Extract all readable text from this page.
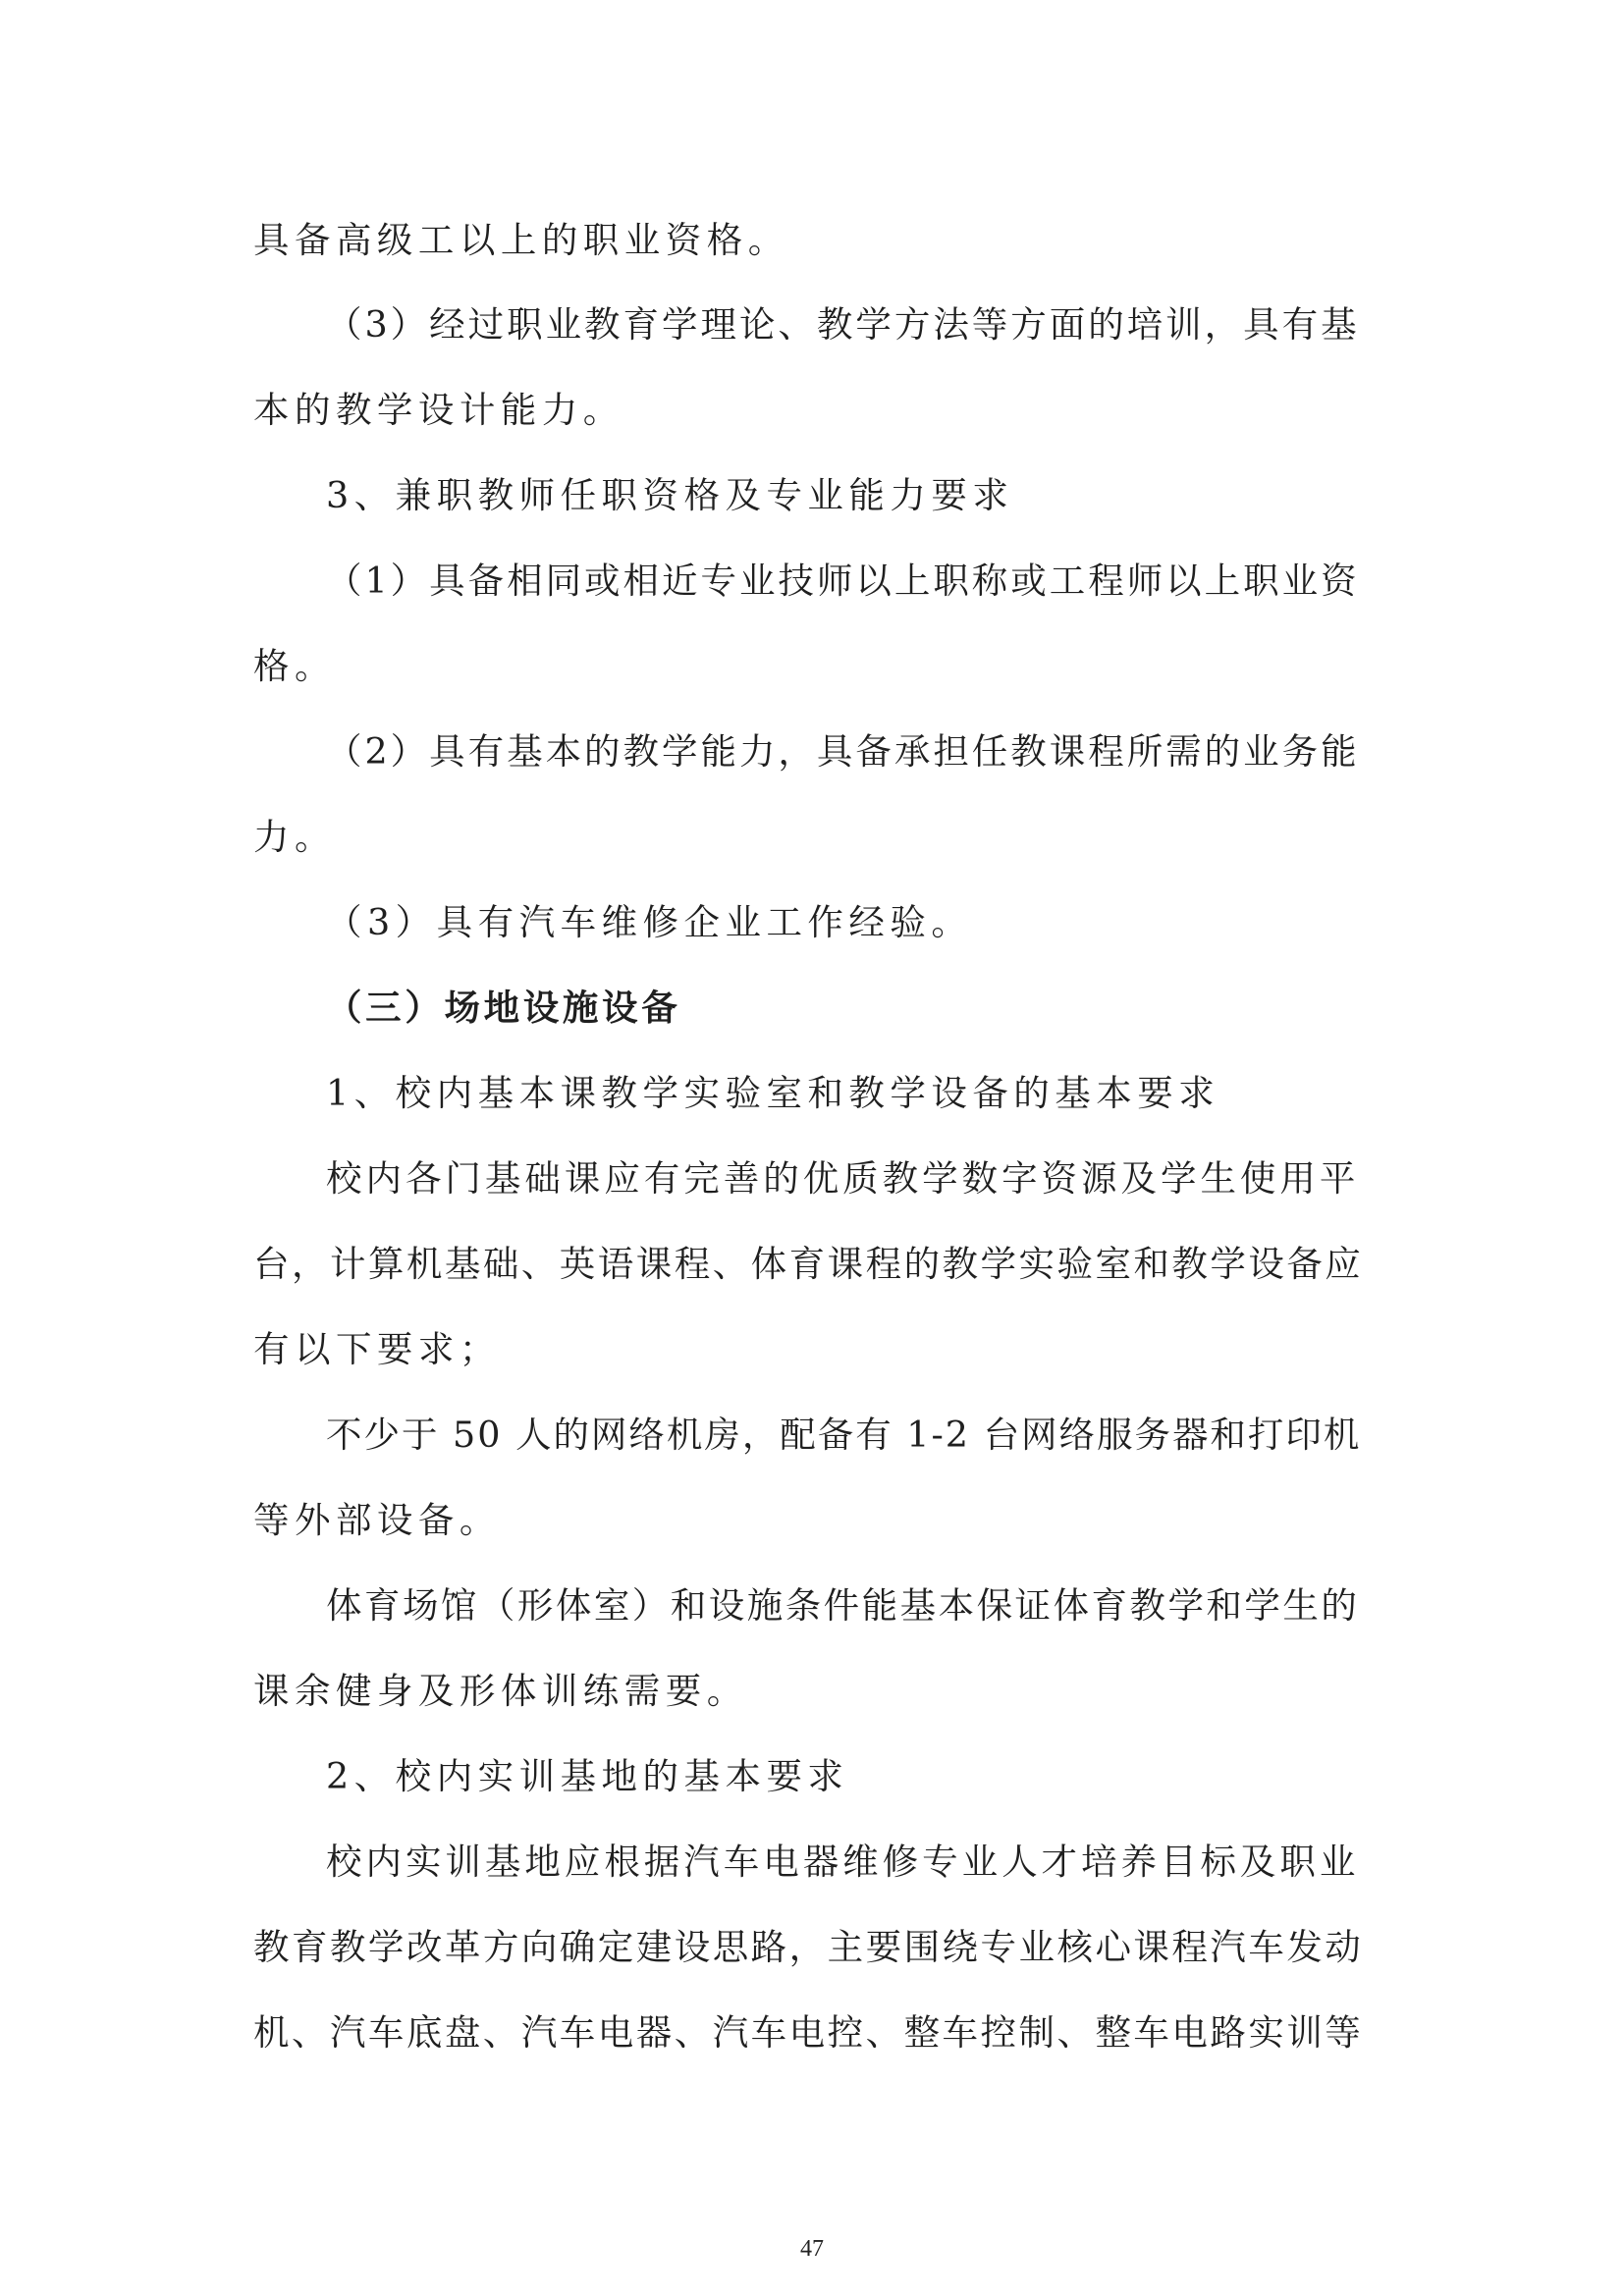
具备高级工以上的职业资格。
（3）经过职业教育学理论、教学方法等方面的培训，具有基
本的教学设计能力。
3、兼职教师任职资格及专业能力要求
（1）具备相同或相近专业技师以上职称或工程师以上职业资
格。
（2）具有基本的教学能力，具备承担任教课程所需的业务能
力。
（3）具有汽车维修企业工作经验。
（三）场地设施设备
1、校内基本课教学实验室和教学设备的基本要求
校内各门基础课应有完善的优质教学数字资源及学生使用平
台，计算机基础、英语课程、体育课程的教学实验室和教学设备应
有以下要求；
不少于 50 人的网络机房，配备有 1-2 台网络服务器和打印机
等外部设备。
体育场馆（形体室）和设施条件能基本保证体育教学和学生的
课余健身及形体训练需要。
2、校内实训基地的基本要求
校内实训基地应根据汽车电器维修专业人才培养目标及职业
教育教学改革方向确定建设思路，主要围绕专业核心课程汽车发动
机、汽车底盘、汽车电器、汽车电控、整车控制、整车电路实训等
47
